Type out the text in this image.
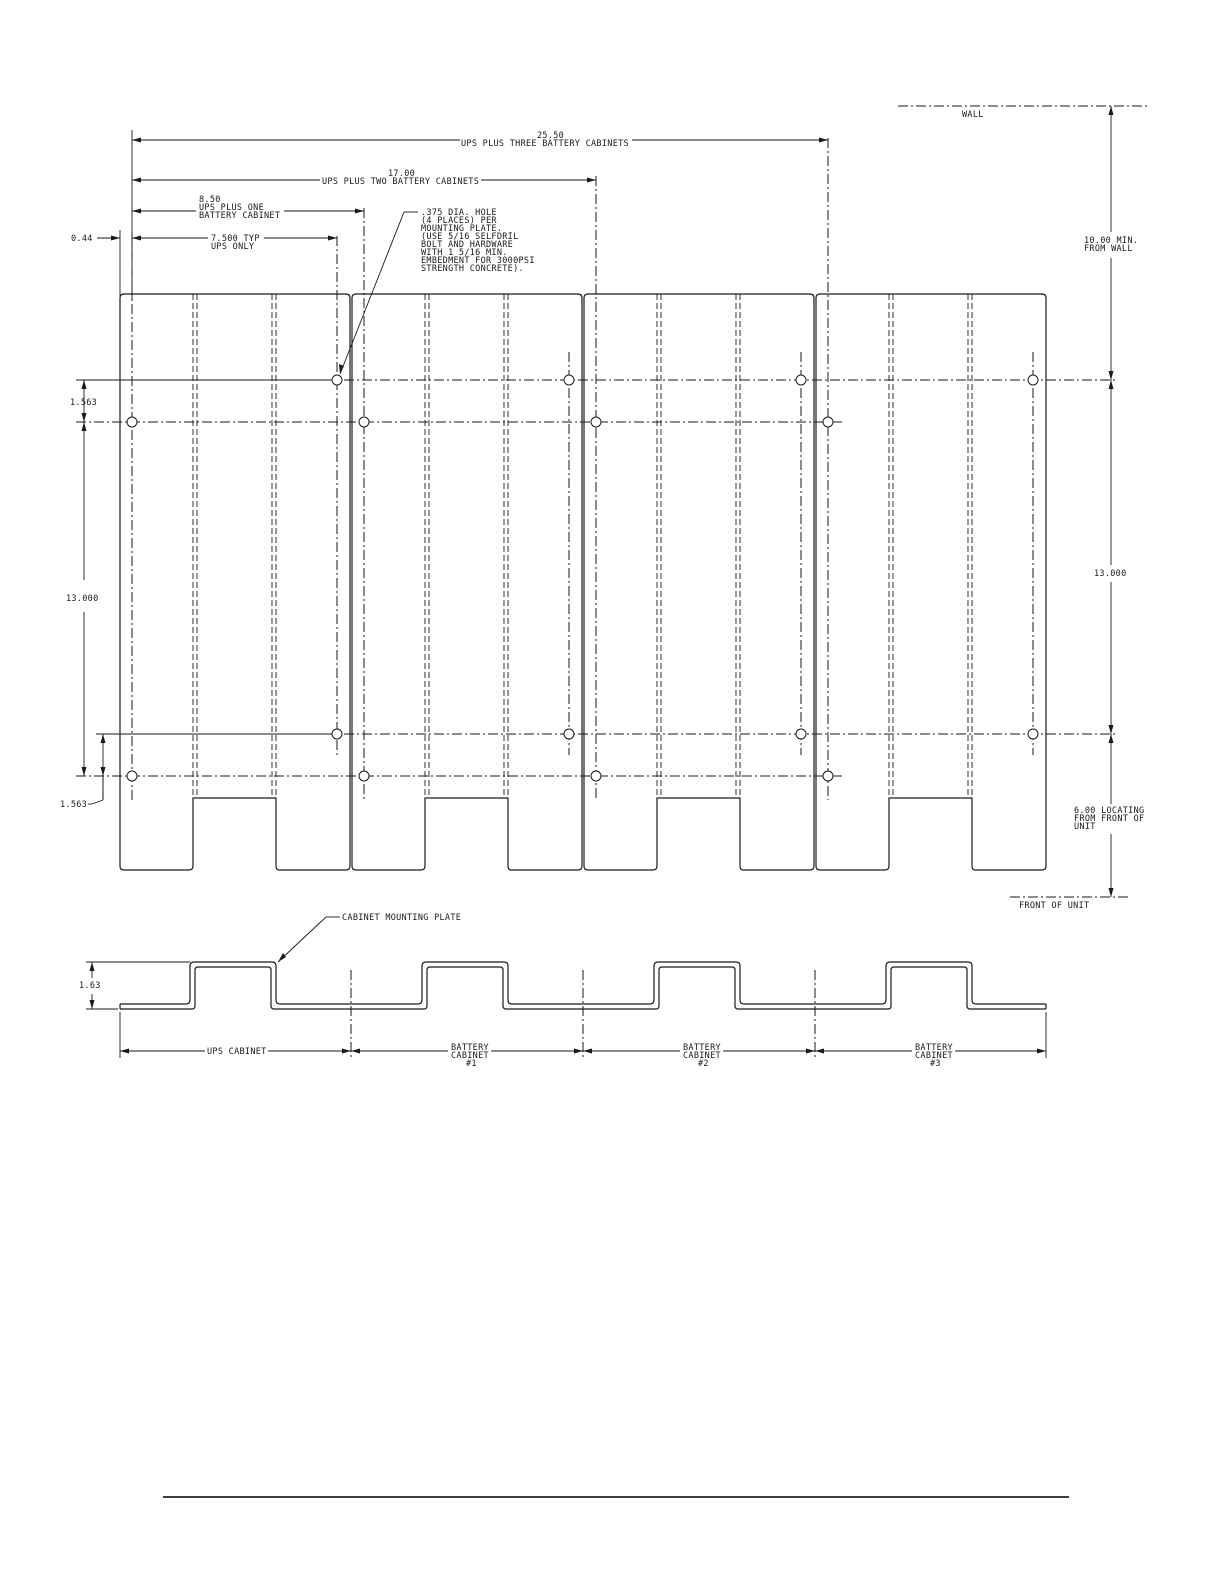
WALL
FRONT OF UNIT
25.50
UPS PLUS THREE BATTERY CABINETS
17.00
UPS PLUS TWO BATTERY CABINETS
8.50
UPS PLUS ONE
BATTERY CABINET
0.44	7.500 TYP
UPS ONLY
.375 DIA. HOLE
(4 PLACES) PER
MOUNTING PLATE.
(USE 5/16 SELFDRIL
BOLT AND HARDWARE
WITH 1 5/16 MIN.
EMBEDMENT FOR 3000PSI
STRENGTH CONCRETE).
1.563
13.000
1.563
10.00 MIN.
FROM WALL
13.000
6.00 LOCATING
FROM FRONT OF
UNIT
CABINET MOUNTING PLATE
1.63
UPS CABINET	BATTERY
CABINET
#1
BATTERY
CABINET
#2
BATTERY
CABINET
#3
